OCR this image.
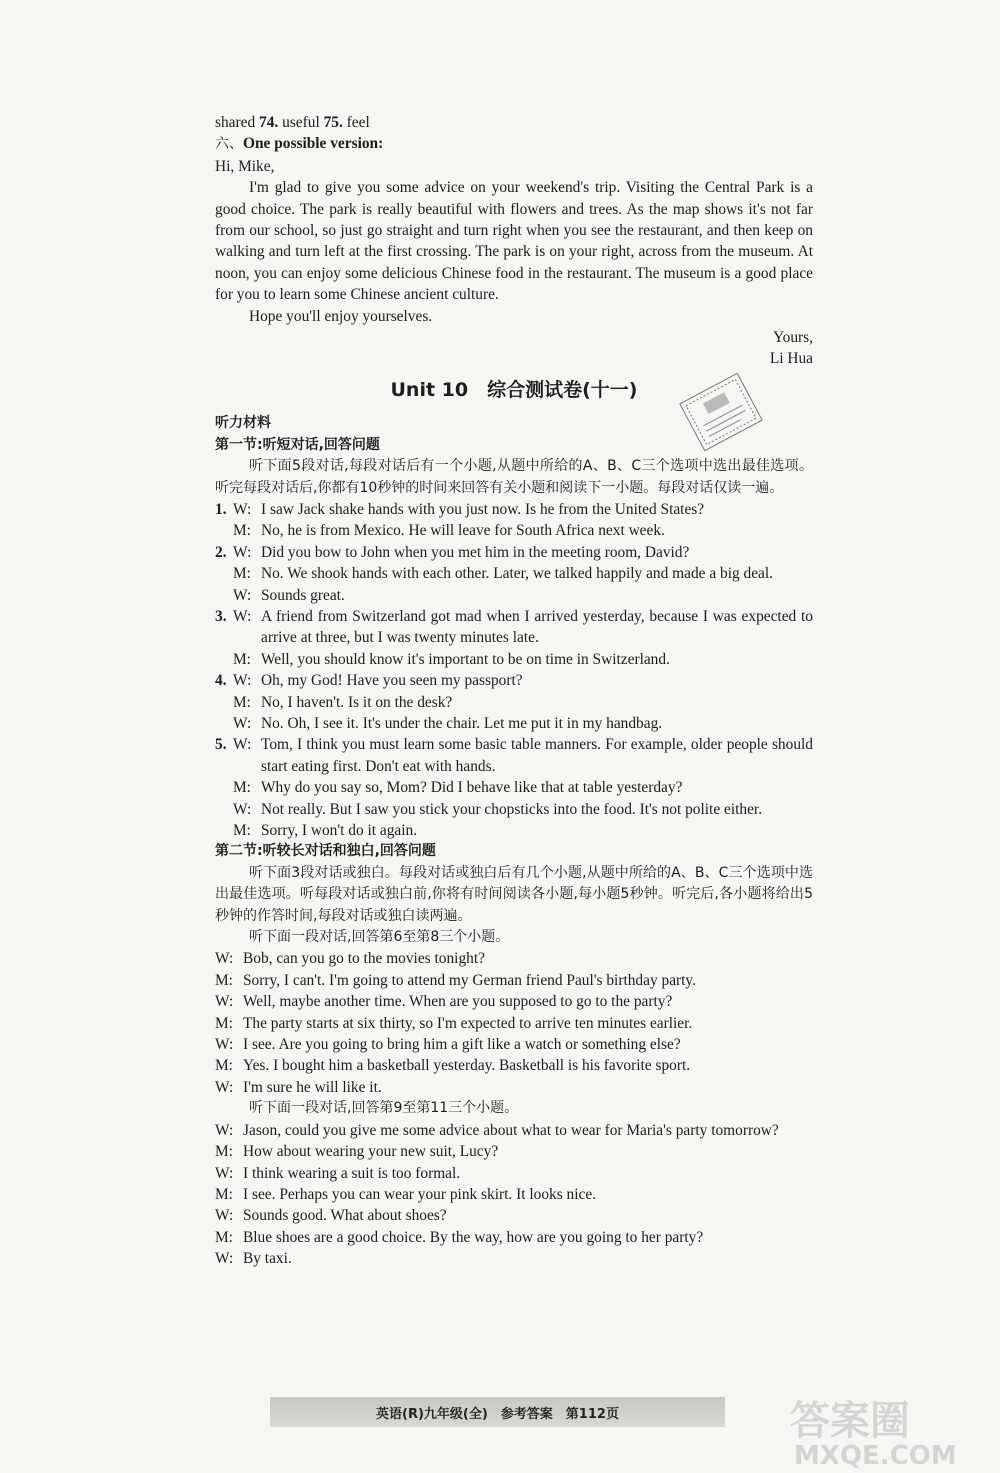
shared 74. useful 75. feel

六、One possible version:

Hi, Mike,

I'm glad to give you some advice on your weekend's trip. Visiting the Central Park is a good choice. The park is really beautiful with flowers and trees. As the map shows it's not far from our school, so just go straight and turn right when you see the restaurant, and then keep on walking and turn left at the first crossing. The park is on your right, across from the museum. At noon, you can enjoy some delicious Chinese food in the restaurant. The museum is a good place for you to learn some Chinese ancient culture.

Hope you'll enjoy yourselves.

Yours,

Li Hua

Unit 10　综合测试卷(十一)

听力材料

第一节:听短对话,回答问题

听下面5段对话,每段对话后有一个小题,从题中所给的A、B、C三个选项中选出最佳选项。听完每段对话后,你都有10秒钟的时间来回答有关小题和阅读下一小题。每段对话仅读一遍。

1. W: I saw Jack shake hands with you just now. Is he from the United States?
M: No, he is from Mexico. He will leave for South Africa next week.
2. W: Did you bow to John when you met him in the meeting room, David?
M: No. We shook hands with each other. Later, we talked happily and made a big deal.
W: Sounds great.
3. W: A friend from Switzerland got mad when I arrived yesterday, because I was expected to arrive at three, but I was twenty minutes late.
M: Well, you should know it's important to be on time in Switzerland.
4. W: Oh, my God! Have you seen my passport?
M: No, I haven't. Is it on the desk?
W: No. Oh, I see it. It's under the chair. Let me put it in my handbag.
5. W: Tom, I think you must learn some basic table manners. For example, older people should start eating first. Don't eat with hands.
M: Why do you say so, Mom? Did I behave like that at table yesterday?
W: Not really. But I saw you stick your chopsticks into the food. It's not polite either.
M: Sorry, I won't do it again.

第二节:听较长对话和独白,回答问题

听下面3段对话或独白。每段对话或独白后有几个小题,从题中所给的A、B、C三个选项中选出最佳选项。听每段对话或独白前,你将有时间阅读各小题,每小题5秒钟。听完后,各小题将给出5秒钟的作答时间,每段对话或独白读两遍。

听下面一段对话,回答第6至第8三个小题。

W: Bob, can you go to the movies tonight?
M: Sorry, I can't. I'm going to attend my German friend Paul's birthday party.
W: Well, maybe another time. When are you supposed to go to the party?
M: The party starts at six thirty, so I'm expected to arrive ten minutes earlier.
W: I see. Are you going to bring him a gift like a watch or something else?
M: Yes. I bought him a basketball yesterday. Basketball is his favorite sport.
W: I'm sure he will like it.

听下面一段对话,回答第9至第11三个小题。

W: Jason, could you give me some advice about what to wear for Maria's party tomorrow?
M: How about wearing your new suit, Lucy?
W: I think wearing a suit is too formal.
M: I see. Perhaps you can wear your pink skirt. It looks nice.
W: Sounds good. What about shoes?
M: Blue shoes are a good choice. By the way, how are you going to her party?
W: By taxi.
英语(R)九年级(全)　参考答案　第112页	答案圈
MXQE.COM
